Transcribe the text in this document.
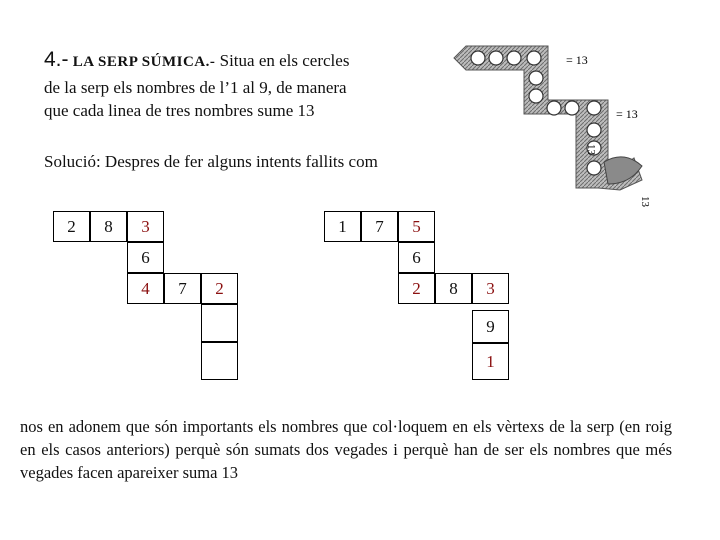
4.- LA SERP SÚMICA.- Situa en els cercles
de la serp els nombres de l’1 al 9, de manera
que cada linea de tres nombres sume 13
Solució: Despres de fer alguns intents fallits com
= 13
= 13
13
13
2	8	3
6
4	7	2
1	7	5
6
2	8	3
9
1
nos en adonem que són importants els nombres que col·loquem en els vèrtexs de la serp (en roig en els casos anteriors) perquè són sumats dos vegades i perquè han de ser els nombres que més vegades facen apareixer suma 13
